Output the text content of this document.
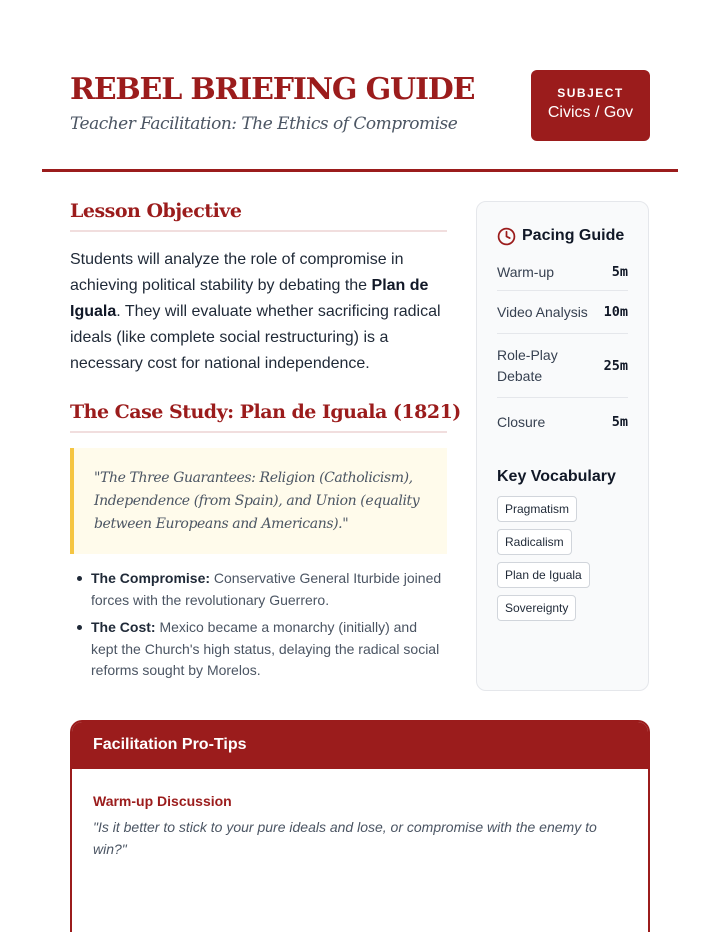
REBEL BRIEFING GUIDE

Teacher Facilitation: The Ethics of Compromise

SUBJECT
Civics / Gov
Lesson Objective

Students will analyze the role of compromise in achieving political stability by debating the Plan de Iguala. They will evaluate whether sacrificing radical ideals (like complete social restructuring) is a necessary cost for national independence.

The Case Study: Plan de Iguala (1821)
"The Three Guarantees: Religion (Catholicism), Independence (from Spain), and Union (equality between Europeans and Americans)."
The Compromise: Conservative General Iturbide joined forces with the revolutionary Guerrero.
The Cost: Mexico became a monarchy (initially) and kept the Church's high status, delaying the radical social reforms sought by Morelos.
Pacing Guide
Warm-up	5m
Video Analysis 10m
Role-Play Debate
25m
Closure	5m
Key Vocabulary
Pragmatism
Radicalism
Plan de Iguala
Sovereignty
Facilitation Pro-Tips
Warm-up Discussion

"Is it better to stick to your pure ideals and lose, or compromise with the enemy to win?"
